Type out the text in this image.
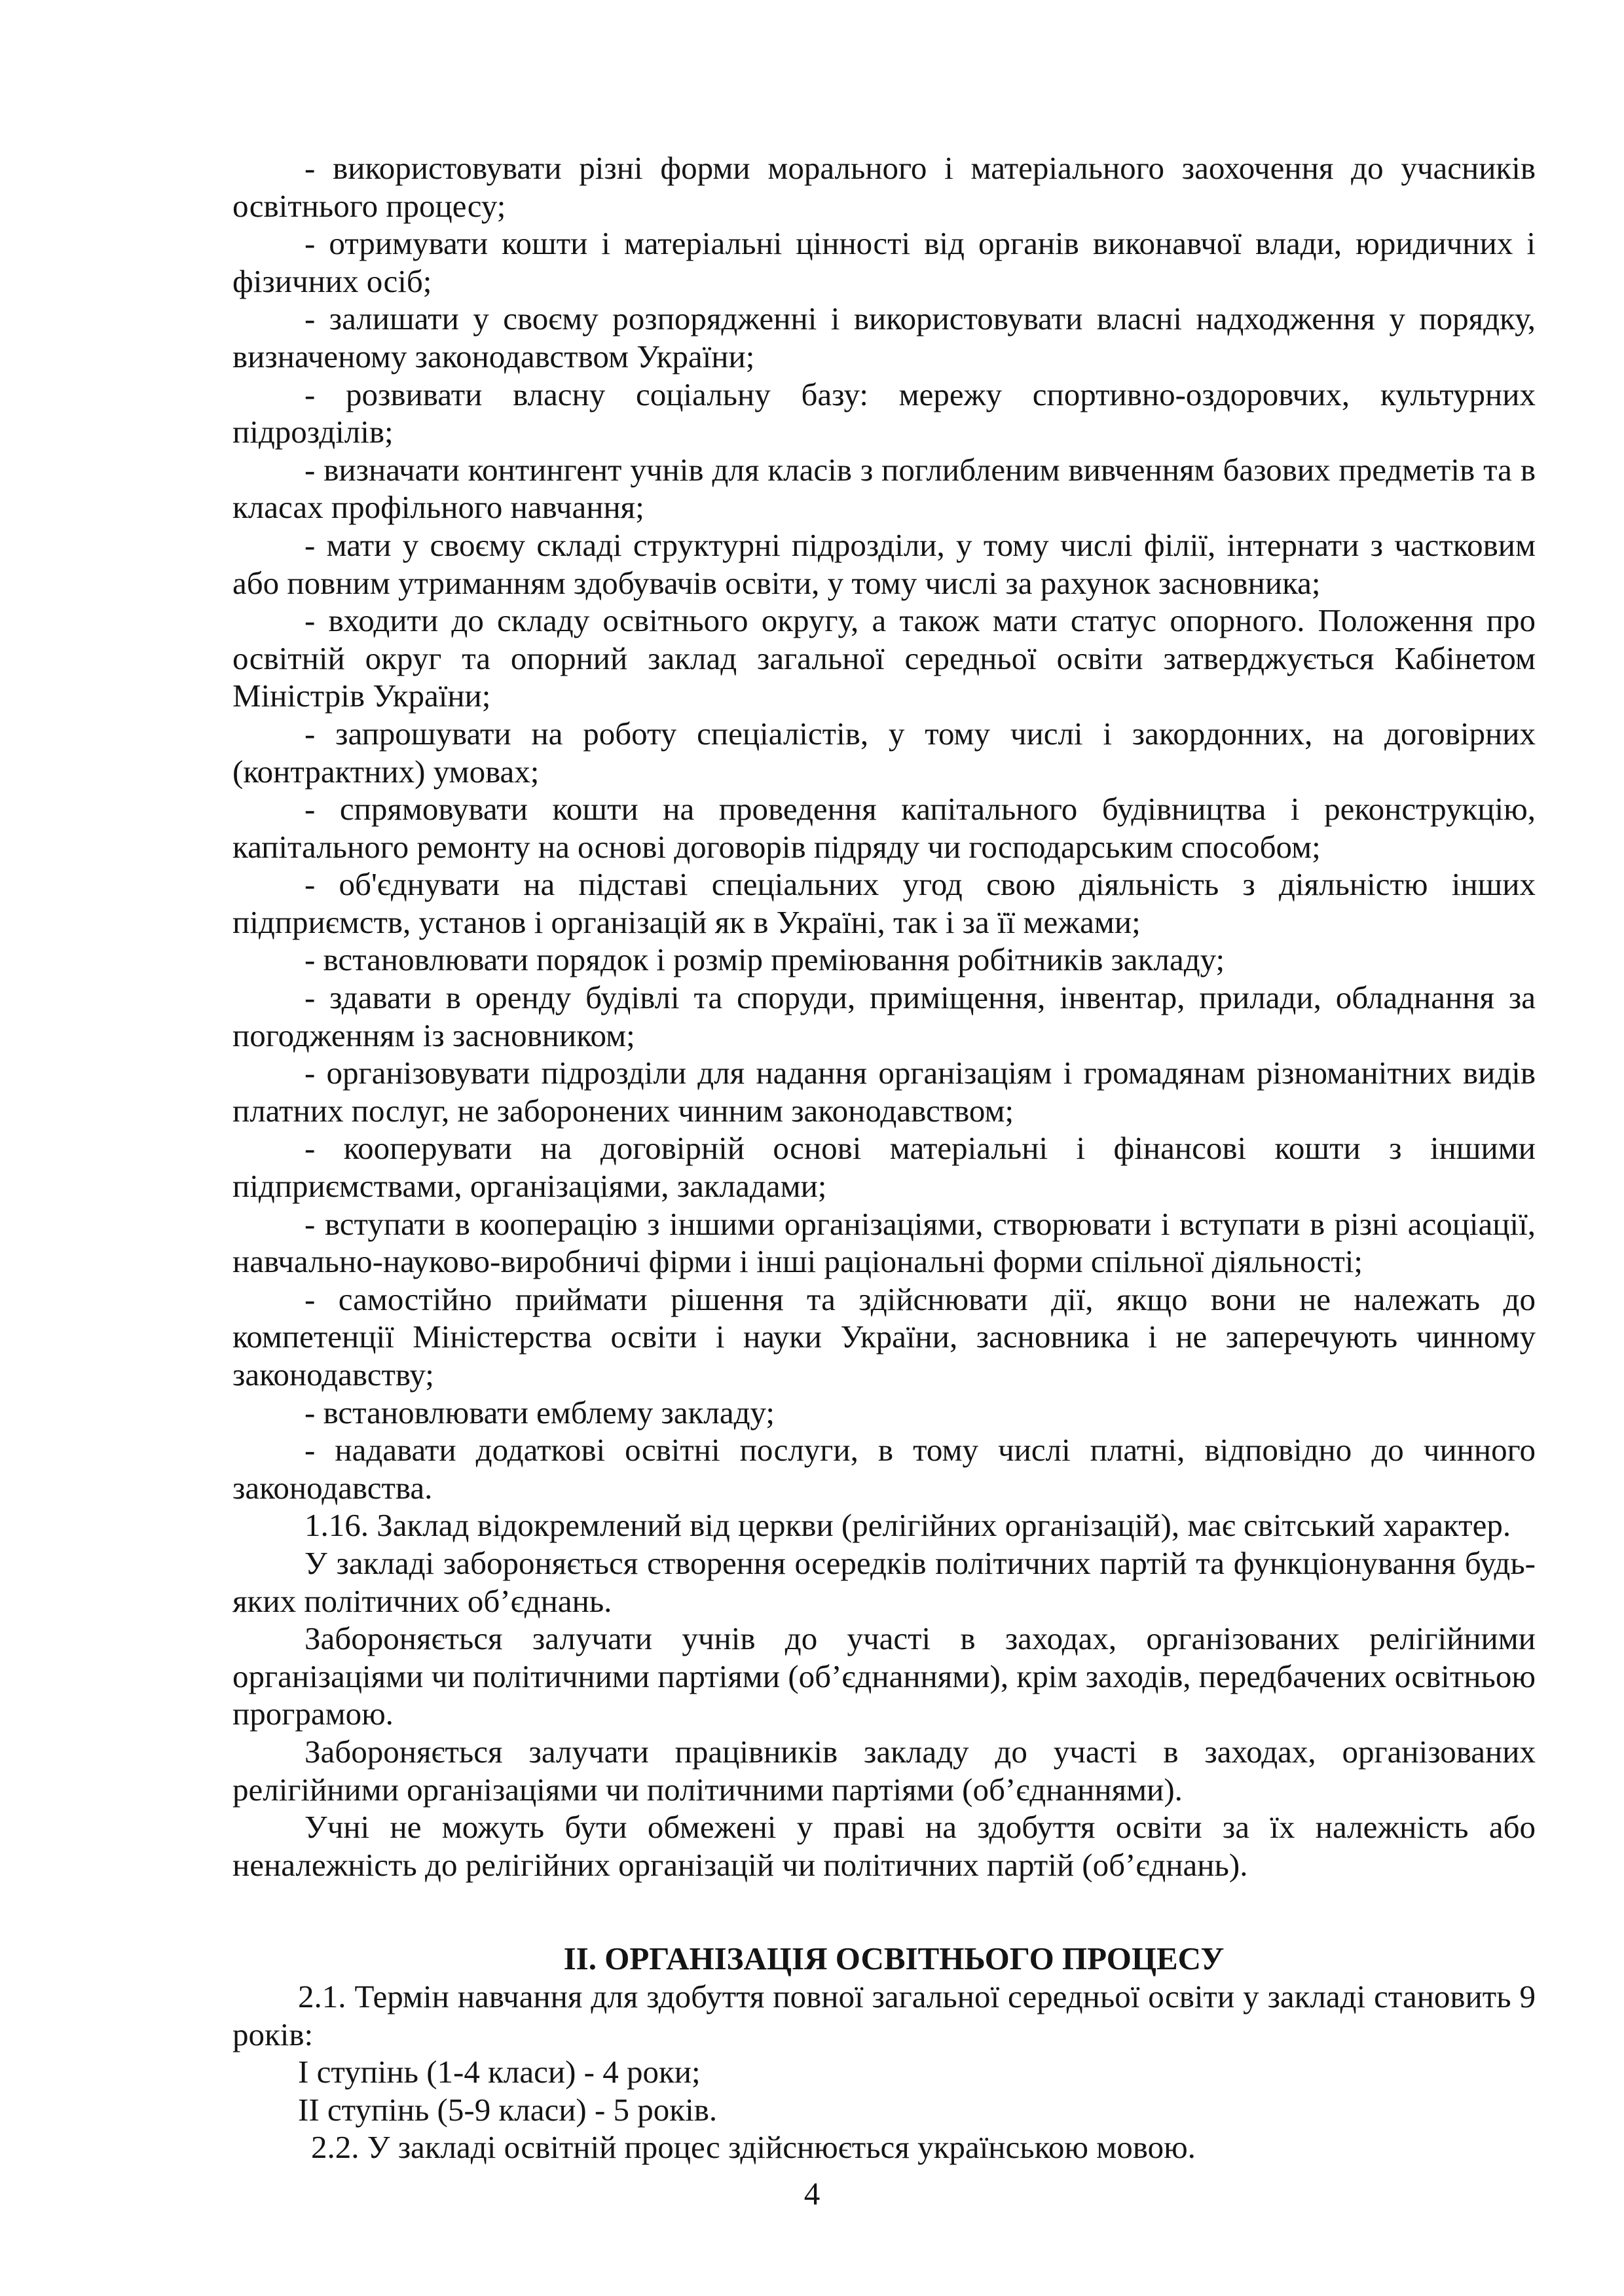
- використовувати різні форми морального і матеріального заохочення до учасників освітнього процесу;

- отримувати кошти і матеріальні цінності від органів виконавчої влади, юридичних і фізичних осіб;

- залишати у своєму розпорядженні і використовувати власні надходження у порядку, визначеному законодавством України;

- розвивати власну соціальну базу: мережу спортивно-оздоровчих, культурних підрозділів;

- визначати контингент учнів для класів з поглибленим вивченням базових предметів та в класах профільного навчання;

- мати у своєму складі структурні підрозділи, у тому числі філії, інтернати з частковим або повним утриманням здобувачів освіти, у тому числі за рахунок засновника;

- входити до складу освітнього округу, а також мати статус опорного. Положення про освітній округ та опорний заклад загальної середньої освіти затверджується Кабінетом Міністрів України;

- запрошувати на роботу спеціалістів, у тому числі і закордонних, на договірних (контрактних) умовах;

- спрямовувати кошти на проведення капітального будівництва і реконструкцію, капітального ремонту на основі договорів підряду чи господарським способом;

- об'єднувати на підставі спеціальних угод свою діяльність з діяльністю інших підприємств, установ і організацій як в Україні, так і за її межами;

- встановлювати порядок і розмір преміювання робітників закладу;

- здавати в оренду будівлі та споруди, приміщення, інвентар, прилади, обладнання за погодженням із засновником;

- організовувати підрозділи для надання організаціям і громадянам різноманітних видів платних послуг, не заборонених чинним законодавством;

- кооперувати на договірній основі матеріальні і фінансові кошти з іншими підприємствами, організаціями, закладами;

- вступати в кооперацію з іншими організаціями, створювати і вступати в різні асоціації, навчально-науково-виробничі фірми і інші раціональні форми спільної діяльності;

- самостійно приймати рішення та здійснювати дії, якщо вони не належать до компетенції Міністерства освіти і науки України, засновника і не заперечують чинному законодавству;

- встановлювати емблему закладу;

- надавати додаткові освітні послуги, в тому числі платні, відповідно до чинного законодавства.

1.16. Заклад відокремлений від церкви (релігійних організацій), має світський характер.

У закладі забороняється створення осередків політичних партій та функціонування будь-яких політичних об’єднань.

Забороняється залучати учнів до участі в заходах, організованих релігійними організаціями чи політичними партіями (об’єднаннями), крім заходів, передбачених освітньою програмою.

Забороняється залучати працівників закладу до участі в заходах, організованих релігійними організаціями чи політичними партіями (об’єднаннями).

Учні не можуть бути обмежені у праві на здобуття освіти за їх належність або неналежність до релігійних організацій чи політичних партій (об’єднань).

ІІ. ОРГАНІЗАЦІЯ ОСВІТНЬОГО ПРОЦЕСУ

2.1. Термін навчання для здобуття повної загальної середньої освіти у закладі становить 9 років:

І ступінь (1-4 класи) - 4 роки;

ІІ ступінь (5-9 класи) - 5 років.

2.2. У закладі освітній процес здійснюється українською мовою.

4
